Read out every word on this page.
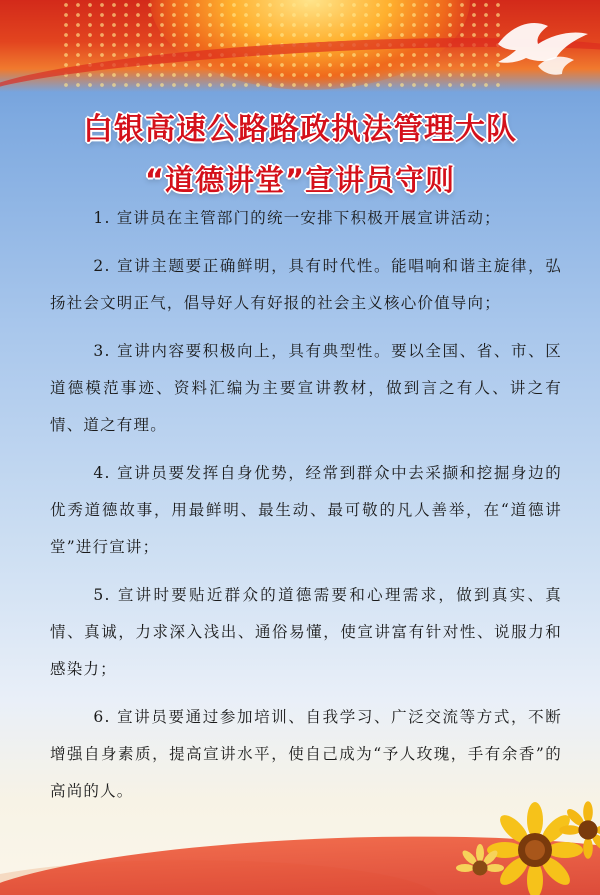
白银高速公路路政执法管理大队
“道德讲堂”宣讲员守则

1. 宣讲员在主管部门的统一安排下积极开展宣讲活动；

2. 宣讲主题要正确鲜明，具有时代性。能唱响和谐主旋律，弘扬社会文明正气，倡导好人有好报的社会主义核心价值导向；

3. 宣讲内容要积极向上，具有典型性。要以全国、省、市、区道德模范事迹、资料汇编为主要宣讲教材，做到言之有人、讲之有情、道之有理。

4. 宣讲员要发挥自身优势，经常到群众中去采撷和挖掘身边的优秀道德故事，用最鲜明、最生动、最可敬的凡人善举，在“道德讲堂”进行宣讲；

5. 宣讲时要贴近群众的道德需要和心理需求，做到真实、真情、真诚，力求深入浅出、通俗易懂，使宣讲富有针对性、说服力和感染力；

6. 宣讲员要通过参加培训、自我学习、广泛交流等方式，不断增强自身素质，提高宣讲水平，使自己成为“予人玫瑰，手有余香”的高尚的人。
